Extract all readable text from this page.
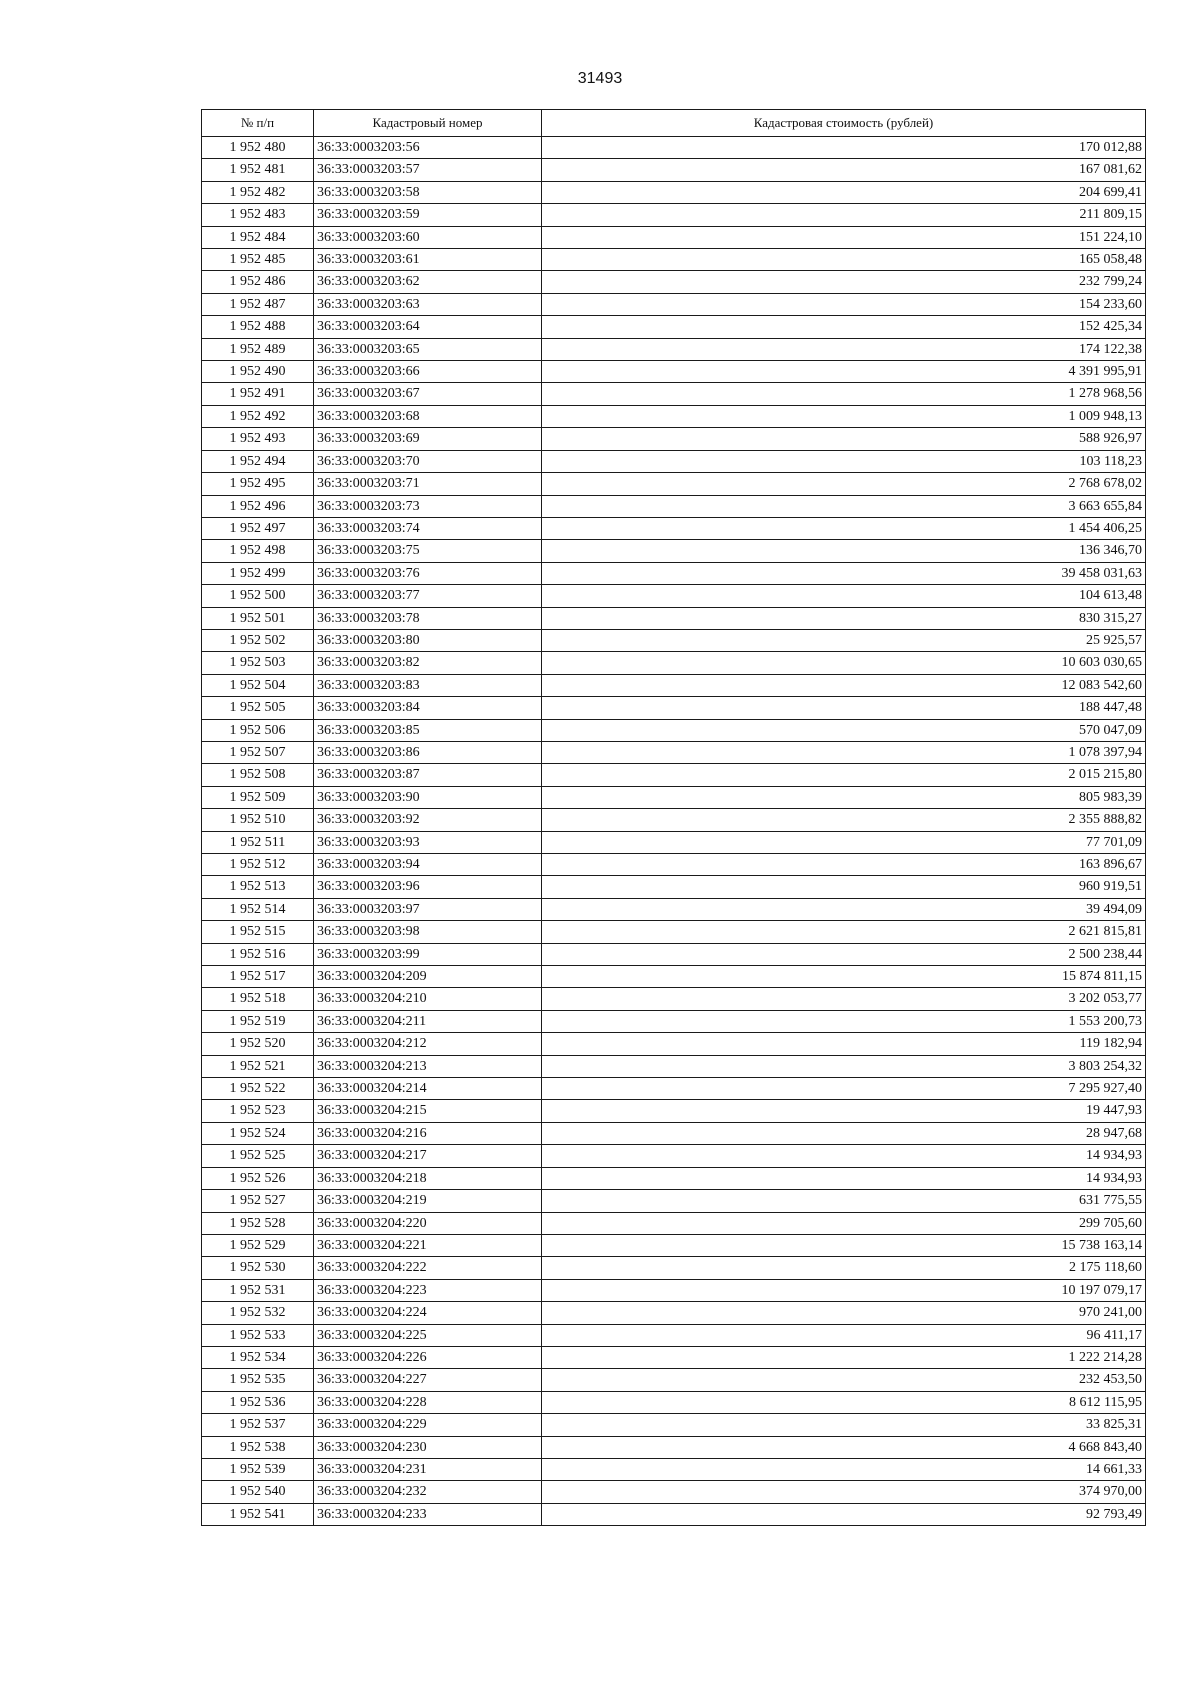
31493
№ п/п	Кадастровый номер	Кадастровая стоимость (рублей)
1 952 480	36:33:0003203:56	170 012,88
1 952 481	36:33:0003203:57	167 081,62
1 952 482	36:33:0003203:58	204 699,41
1 952 483	36:33:0003203:59	211 809,15
1 952 484	36:33:0003203:60	151 224,10
1 952 485	36:33:0003203:61	165 058,48
1 952 486	36:33:0003203:62	232 799,24
1 952 487	36:33:0003203:63	154 233,60
1 952 488	36:33:0003203:64	152 425,34
1 952 489	36:33:0003203:65	174 122,38
1 952 490	36:33:0003203:66	4 391 995,91
1 952 491	36:33:0003203:67	1 278 968,56
1 952 492	36:33:0003203:68	1 009 948,13
1 952 493	36:33:0003203:69	588 926,97
1 952 494	36:33:0003203:70	103 118,23
1 952 495	36:33:0003203:71	2 768 678,02
1 952 496	36:33:0003203:73	3 663 655,84
1 952 497	36:33:0003203:74	1 454 406,25
1 952 498	36:33:0003203:75	136 346,70
1 952 499	36:33:0003203:76	39 458 031,63
1 952 500	36:33:0003203:77	104 613,48
1 952 501	36:33:0003203:78	830 315,27
1 952 502	36:33:0003203:80	25 925,57
1 952 503	36:33:0003203:82	10 603 030,65
1 952 504	36:33:0003203:83	12 083 542,60
1 952 505	36:33:0003203:84	188 447,48
1 952 506	36:33:0003203:85	570 047,09
1 952 507	36:33:0003203:86	1 078 397,94
1 952 508	36:33:0003203:87	2 015 215,80
1 952 509	36:33:0003203:90	805 983,39
1 952 510	36:33:0003203:92	2 355 888,82
1 952 511	36:33:0003203:93	77 701,09
1 952 512	36:33:0003203:94	163 896,67
1 952 513	36:33:0003203:96	960 919,51
1 952 514	36:33:0003203:97	39 494,09
1 952 515	36:33:0003203:98	2 621 815,81
1 952 516	36:33:0003203:99	2 500 238,44
1 952 517	36:33:0003204:209	15 874 811,15
1 952 518	36:33:0003204:210	3 202 053,77
1 952 519	36:33:0003204:211	1 553 200,73
1 952 520	36:33:0003204:212	119 182,94
1 952 521	36:33:0003204:213	3 803 254,32
1 952 522	36:33:0003204:214	7 295 927,40
1 952 523	36:33:0003204:215	19 447,93
1 952 524	36:33:0003204:216	28 947,68
1 952 525	36:33:0003204:217	14 934,93
1 952 526	36:33:0003204:218	14 934,93
1 952 527	36:33:0003204:219	631 775,55
1 952 528	36:33:0003204:220	299 705,60
1 952 529	36:33:0003204:221	15 738 163,14
1 952 530	36:33:0003204:222	2 175 118,60
1 952 531	36:33:0003204:223	10 197 079,17
1 952 532	36:33:0003204:224	970 241,00
1 952 533	36:33:0003204:225	96 411,17
1 952 534	36:33:0003204:226	1 222 214,28
1 952 535	36:33:0003204:227	232 453,50
1 952 536	36:33:0003204:228	8 612 115,95
1 952 537	36:33:0003204:229	33 825,31
1 952 538	36:33:0003204:230	4 668 843,40
1 952 539	36:33:0003204:231	14 661,33
1 952 540	36:33:0003204:232	374 970,00
1 952 541	36:33:0003204:233	92 793,49
